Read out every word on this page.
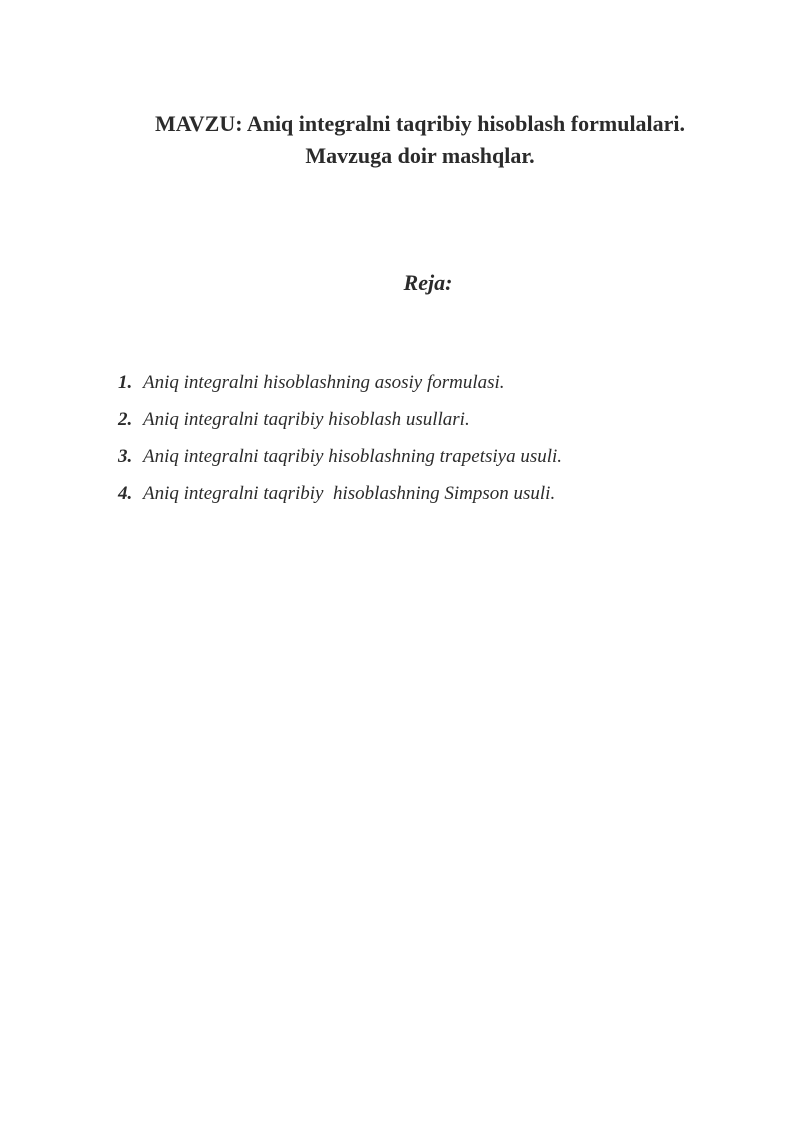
MAVZU: Aniq integralni taqribiy hisoblash formulalari.
Mavzuga doir mashqlar.
Reja:
1. Aniq integralni hisoblashning asosiy formulasi.
2. Aniq integralni taqribiy hisoblash usullari.
3. Aniq integralni taqribiy hisoblashning trapetsiya usuli.
4. Aniq integralni taqribiy  hisoblashning Simpson usuli.
